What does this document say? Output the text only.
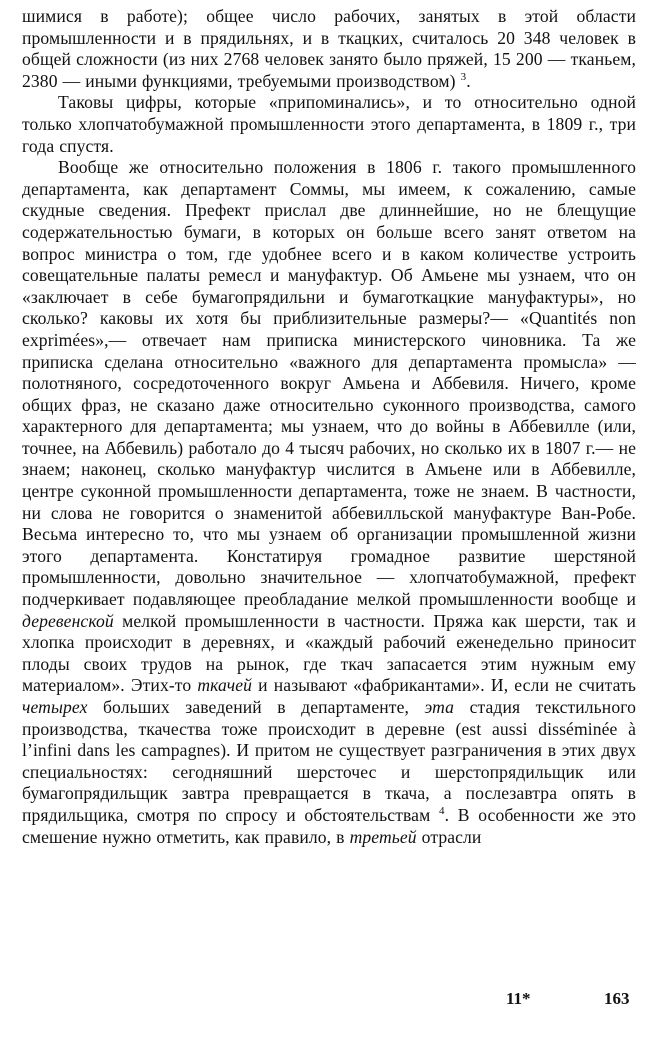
шимися в работе); общее число рабочих, занятых в этой области промышленности и в прядильнях, и в ткацких, считалось 20 348 человек в общей сложности (из них 2768 человек занято было пряжей, 15 200 — тканьем, 2380 — иными функциями, требуемыми производством) $^3$.

Таковы цифры, которые «припоминались», и то относительно одной только хлопчатобумажной промышленности этого департамента, в 1809 г., три года спустя.

Вообще же относительно положения в 1806 г. такого промышленного департамента, как департамент Соммы, мы имеем, к сожалению, самые скудные сведения. Префект прислал две длиннейшие, но не блещущие содержательностью бумаги, в которых он больше всего занят ответом на вопрос министра о том, где удобнее всего и в каком количестве устроить совещательные палаты ремесл и мануфактур. Об Амьене мы узнаем, что он «заключает в себе бумагопрядильни и бумаготкацкие мануфактуры», но сколько? каковы их хотя бы приблизительные размеры?— «Quantités non exprimées»,— отвечает нам приписка министерского чиновника. Та же приписка сделана относительно «важного для департамента промысла» — полотняного, сосредоточенного вокруг Амьена и Аббевиля. Ничего, кроме общих фраз, не сказано даже относительно суконного производства, самого характерного для департамента; мы узнаем, что до войны в Аббевилле (или, точнее, на Аббевиль) работало до 4 тысяч рабочих, но сколько их в 1807 г.— не знаем; наконец, сколько мануфактур числится в Амьене или в Аббевилле, центре суконной промышленности департамента, тоже не знаем. В частности, ни слова не говорится о знаменитой аббевилльской мануфактуре Ван-Робе. Весьма интересно то, что мы узнаем об организации промышленной жизни этого департамента. Констатируя громадное развитие шерстяной промышленности, довольно значительное — хлопчатобумажной, префект подчеркивает подавляющее преобладание мелкой промышленности вообще и деревенской мелкой промышленности в частности. Пряжа как шерсти, так и хлопка происходит в деревнях, и «каждый рабочий еженедельно приносит плоды своих трудов на рынок, где ткач запасается этим нужным ему материалом». Этих-то ткачей и называют «фабрикантами». И, если не считать четырех больших заведений в департаменте, эта стадия текстильного производства, ткачества тоже происходит в деревне (est aussi disséminée à l’infini dans les campagnes). И притом не существует разграничения в этих двух специальностях: сегодняшний шерсточес и шерстопрядильщик или бумагопрядильщик завтра превращается в ткача, а послезавтра опять в прядильщика, смотря по спросу и обстоятельствам $^4$. В особенности же это смешение нужно отметить, как правило, в третьей отрасли

11*	163
